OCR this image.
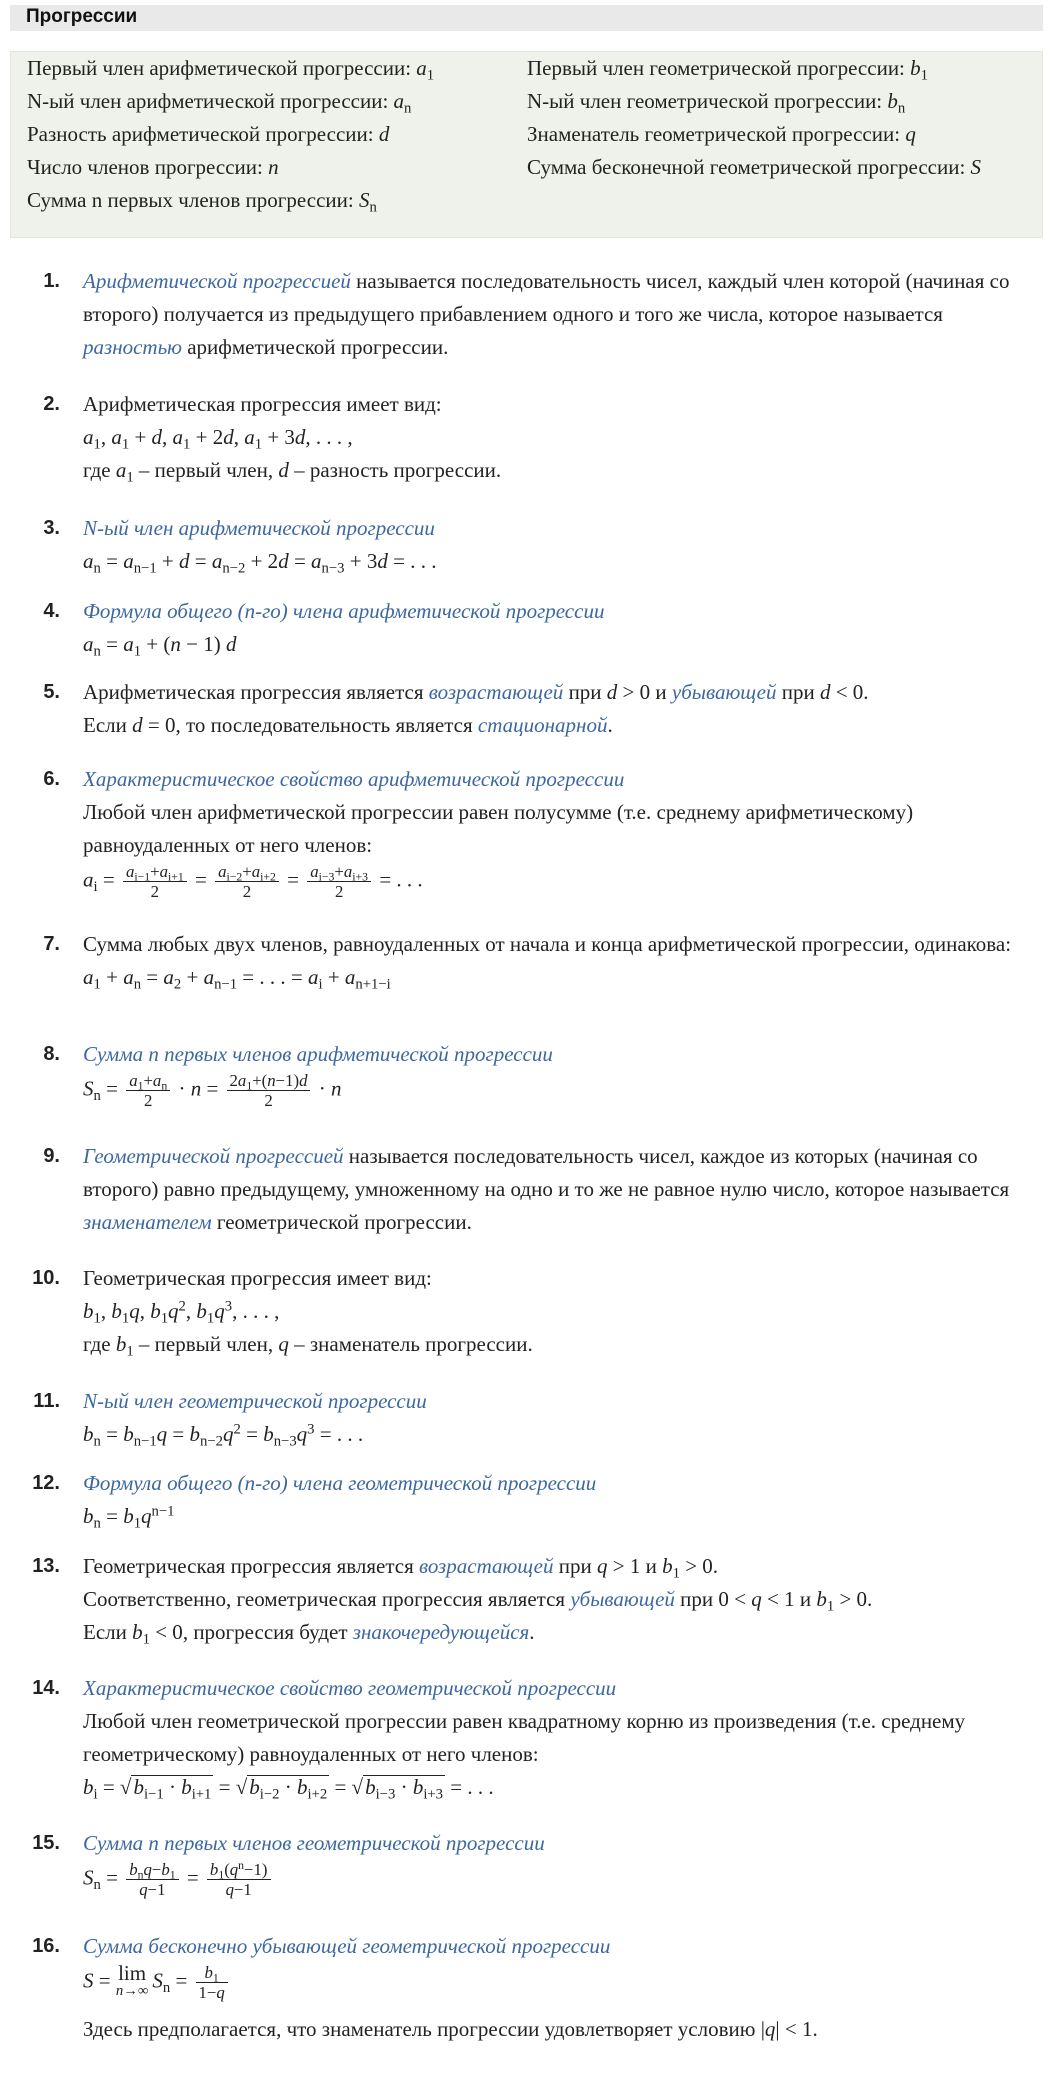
Прогрессии
Первый член арифметической прогрессии: $a_1$
N-ый член арифметической прогрессии: $a_n$
Разность арифметической прогрессии: d
Число членов прогрессии: n
Сумма n первых членов прогрессии: $S_n$
Первый член геометрической прогрессии: $b_1$
N-ый член геометрической прогрессии: $b_n$
Знаменатель геометрической прогрессии: q
Сумма бесконечной геометрической прогрессии: S
1. Арифметической прогрессией называется последовательность чисел, каждый член которой (начиная со второго) получается из предыдущего прибавлением одного и того же числа, которое называется разностью арифметической прогрессии.
2. Арифметическая прогрессия имеет вид:
$a_1$, $a_1 + d$, $a_1 + 2d$, $a_1 + 3d$, . . . ,
где $a_1$ – первый член, d – разность прогрессии.
3. N-ый член арифметической прогрессии
$a_n = a_{n-1} + d = a_{n-2} + 2d = a_{n-3} + 3d$ = . . .
4. Формула общего (n-го) члена арифметической прогрессии
$a_n = a_1 + (n - 1)$ d
5. Арифметическая прогрессия является возрастающей при d > 0 и убывающей при d < 0.
Если d = 0, то последовательность является стационарной.
6. Характеристическое свойство арифметической прогрессии
Любой член арифметической прогрессии равен полусумме (т.е. среднему арифметическому) равноудаленных от него членов:
$a_i = \frac{a_{i-1}+a_{i+1}}{2} = \frac{a_{i-2}+a_{i+2}}{2} = \frac{a_{i-3}+a_{i+3}}{2}$ = . . .
7. Сумма любых двух членов, равноудаленных от начала и конца арифметической прогрессии, одинакова:
$a_1 + a_n = a_2 + a_{n-1}$ = . . . = $a_i + a_{n+1-i}$
8. Сумма n первых членов арифметической прогрессии
$S_n = \frac{a_1+a_n}{2} \cdot n = \frac{2a_1+(n-1)d}{2} \cdot n$
9. Геометрической прогрессией называется последовательность чисел, каждое из которых (начиная со второго) равно предыдущему, умноженному на одно и то же не равное нулю число, которое называется знаменателем геометрической прогрессии.
10. Геометрическая прогрессия имеет вид:
$b_1$, $b_1q$, $b_1q^2$, $b_1q^3$, . . . ,
где $b_1$ – первый член, q – знаменатель прогрессии.
11. N-ый член геометрической прогрессии
$b_n = b_{n-1}q = b_{n-2}q^2 = b_{n-3}q^3$ = . . .
12. Формула общего (n-го) члена геометрической прогрессии
$b_n = b_1q^{n-1}$
13. Геометрическая прогрессия является возрастающей при q > 1 и $b_1 > 0$.
Соответственно, геометрическая прогрессия является убывающей при 0 < q < 1 и $b_1 > 0$.
Если $b_1 < 0$, прогрессия будет знакочередующейся.
14. Характеристическое свойство геометрической прогрессии
Любой член геометрической прогрессии равен квадратному корню из произведения (т.е. среднему геометрическому) равноудаленных от него членов:
$b_i = √b_{i-1} \cdot b_{i+1} = √b_{i-2} \cdot b_{i+2} = √b_{i-3} \cdot b_{i+3}$ = . . .
15. Сумма n первых членов геометрической прогрессии
$S_n = \frac{b_nq-b_1}{q-1} = \frac{b_1(q^n-1)}{q-1}$
16. Сумма бесконечно убывающей геометрической прогрессии
S = lim
n→∞ $S_n = \frac{b_1}{1-q}$
Здесь предполагается, что знаменатель прогрессии удовлетворяет условию |q| < 1.
